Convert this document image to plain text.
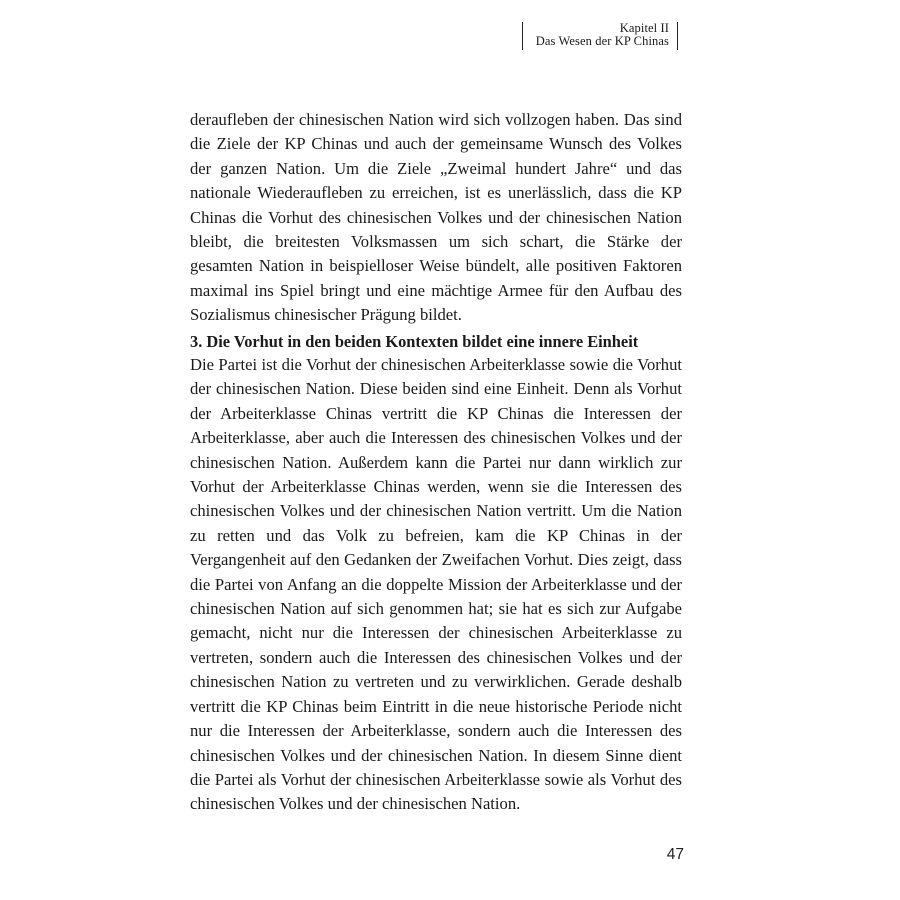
Kapitel II
Das Wesen der KP Chinas

deraufleben der chinesischen Nation wird sich vollzogen haben. Das sind die Ziele der KP Chinas und auch der gemeinsame Wunsch des Volkes der ganzen Nation. Um die Ziele „Zweimal hundert Jahre“ und das nationale Wiederaufleben zu erreichen, ist es unerlässlich, dass die KP Chinas die Vorhut des chinesischen Volkes und der chinesischen Nation bleibt, die breitesten Volksmassen um sich schart, die Stärke der gesamten Nation in beispielloser Weise bündelt, alle positiven Faktoren maximal ins Spiel bringt und eine mächtige Armee für den Aufbau des Sozialismus chinesischer Prägung bildet.

3. Die Vorhut in den beiden Kontexten bildet eine innere Einheit

Die Partei ist die Vorhut der chinesischen Arbeiterklasse sowie die Vorhut der chinesischen Nation. Diese beiden sind eine Einheit. Denn als Vorhut der Arbeiterklasse Chinas vertritt die KP Chinas die Interessen der Arbeiterklasse, aber auch die Interessen des chinesischen Volkes und der chinesischen Nation. Außerdem kann die Partei nur dann wirklich zur Vorhut der Arbeiterklasse Chinas werden, wenn sie die Interessen des chinesischen Volkes und der chinesischen Nation vertritt. Um die Nation zu retten und das Volk zu befreien, kam die KP Chinas in der Vergangenheit auf den Gedanken der Zweifachen Vorhut. Dies zeigt, dass die Partei von Anfang an die doppelte Mission der Arbeiterklasse und der chinesischen Nation auf sich genommen hat; sie hat es sich zur Aufgabe gemacht, nicht nur die Interessen der chinesischen Arbeiterklasse zu vertreten, sondern auch die Interessen des chinesischen Volkes und der chinesischen Nation zu vertreten und zu verwirklichen. Gerade deshalb vertritt die KP Chinas beim Eintritt in die neue historische Periode nicht nur die Interessen der Arbeiterklasse, sondern auch die Interessen des chinesischen Volkes und der chinesischen Nation. In diesem Sinne dient die Partei als Vorhut der chinesischen Arbeiterklasse sowie als Vorhut des chinesischen Volkes und der chinesischen Nation.

47
